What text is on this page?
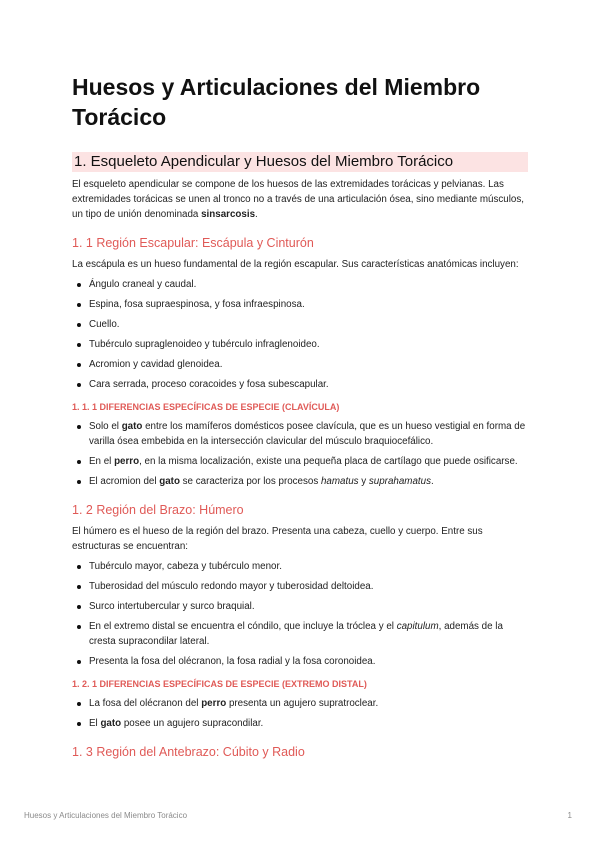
Huesos y Articulaciones del Miembro Torácico
1. Esqueleto Apendicular y Huesos del Miembro Torácico

El esqueleto apendicular se compone de los huesos de las extremidades torácicas y pelvianas. Las extremidades torácicas se unen al tronco no a través de una articulación ósea, sino mediante músculos, un tipo de unión denominada sinsarcosis.

1. 1 Región Escapular: Escápula y Cinturón

La escápula es un hueso fundamental de la región escapular. Sus características anatómicas incluyen:

Ángulo craneal y caudal.
Espina, fosa supraespinosa, y fosa infraespinosa.
Cuello.
Tubérculo supraglenoideo y tubérculo infraglenoideo.
Acromion y cavidad glenoidea.
Cara serrada, proceso coracoides y fosa subescapular.
1. 1. 1 DIFERENCIAS ESPECÍFICAS DE ESPECIE (CLAVÍCULA)
Solo el gato entre los mamíferos domésticos posee clavícula, que es un hueso vestigial en forma de varilla ósea embebida en la intersección clavicular del músculo braquiocefálico.
En el perro, en la misma localización, existe una pequeña placa de cartílago que puede osificarse.
El acromion del gato se caracteriza por los procesos hamatus y suprahamatus.
1. 2 Región del Brazo: Húmero

El húmero es el hueso de la región del brazo. Presenta una cabeza, cuello y cuerpo. Entre sus estructuras se encuentran:

Tubérculo mayor, cabeza y tubérculo menor.
Tuberosidad del músculo redondo mayor y tuberosidad deltoidea.
Surco intertubercular y surco braquial.
En el extremo distal se encuentra el cóndilo, que incluye la tróclea y el capitulum, además de la cresta supracondilar lateral.
Presenta la fosa del olécranon, la fosa radial y la fosa coronoidea.
1. 2. 1 DIFERENCIAS ESPECÍFICAS DE ESPECIE (EXTREMO DISTAL)
La fosa del olécranon del perro presenta un agujero supratroclear.
El gato posee un agujero supracondilar.
1. 3 Región del Antebrazo: Cúbito y Radio
Huesos y Articulaciones del Miembro Torácico	1
